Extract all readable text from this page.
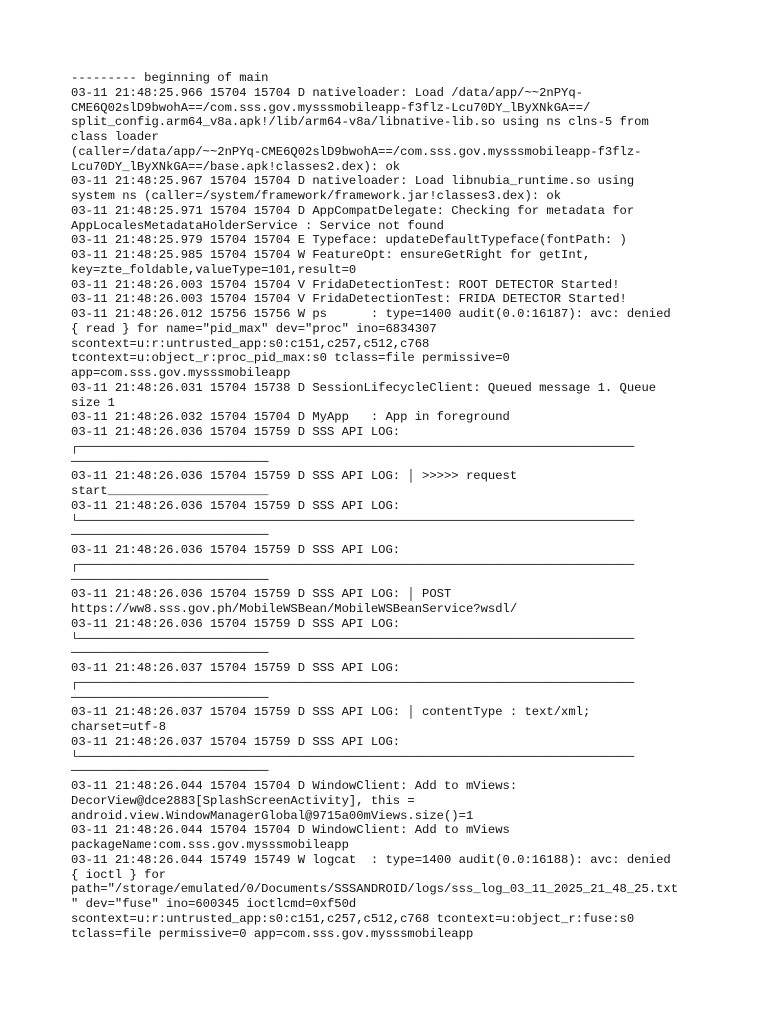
--------- beginning of main
03-11 21:48:25.966 15704 15704 D nativeloader: Load /data/app/~~2nPYq-
CME6Q02slD9bwohA==/com.sss.gov.mysssmobileapp-f3flz-Lcu70DY_lByXNkGA==/
split_config.arm64_v8a.apk!/lib/arm64-v8a/libnative-lib.so using ns clns-5 from
class loader
(caller=/data/app/~~2nPYq-CME6Q02slD9bwohA==/com.sss.gov.mysssmobileapp-f3flz-
Lcu70DY_lByXNkGA==/base.apk!classes2.dex): ok
03-11 21:48:25.967 15704 15704 D nativeloader: Load libnubia_runtime.so using
system ns (caller=/system/framework/framework.jar!classes3.dex): ok
03-11 21:48:25.971 15704 15704 D AppCompatDelegate: Checking for metadata for
AppLocalesMetadataHolderService : Service not found
03-11 21:48:25.979 15704 15704 E Typeface: updateDefaultTypeface(fontPath: )
03-11 21:48:25.985 15704 15704 W FeatureOpt: ensureGetRight for getInt,
key=zte_foldable,valueType=101,result=0
03-11 21:48:26.003 15704 15704 V FridaDetectionTest: ROOT DETECTOR Started!
03-11 21:48:26.003 15704 15704 V FridaDetectionTest: FRIDA DETECTOR Started!
03-11 21:48:26.012 15756 15756 W ps      : type=1400 audit(0.0:16187): avc: denied
{ read } for name="pid_max" dev="proc" ino=6834307
scontext=u:r:untrusted_app:s0:c151,c257,c512,c768
tcontext=u:object_r:proc_pid_max:s0 tclass=file permissive=0
app=com.sss.gov.mysssmobileapp
03-11 21:48:26.031 15704 15738 D SessionLifecycleClient: Queued message 1. Queue
size 1
03-11 21:48:26.032 15704 15704 D MyApp   : App in foreground
03-11 21:48:26.036 15704 15759 D SSS API LOG:
┌────────────────────────────────────────────────────────────────────────────
───────────────────────────
03-11 21:48:26.036 15704 15759 D SSS API LOG: │ >>>>> request
start______________________
03-11 21:48:26.036 15704 15759 D SSS API LOG:
└────────────────────────────────────────────────────────────────────────────
───────────────────────────
03-11 21:48:26.036 15704 15759 D SSS API LOG:
┌────────────────────────────────────────────────────────────────────────────
───────────────────────────
03-11 21:48:26.036 15704 15759 D SSS API LOG: │ POST
https://ww8.sss.gov.ph/MobileWSBean/MobileWSBeanService?wsdl/
03-11 21:48:26.036 15704 15759 D SSS API LOG:
└────────────────────────────────────────────────────────────────────────────
───────────────────────────
03-11 21:48:26.037 15704 15759 D SSS API LOG:
┌────────────────────────────────────────────────────────────────────────────
───────────────────────────
03-11 21:48:26.037 15704 15759 D SSS API LOG: │ contentType : text/xml;
charset=utf-8
03-11 21:48:26.037 15704 15759 D SSS API LOG:
└────────────────────────────────────────────────────────────────────────────
───────────────────────────
03-11 21:48:26.044 15704 15704 D WindowClient: Add to mViews:
DecorView@dce2883[SplashScreenActivity], this =
android.view.WindowManagerGlobal@9715a00mViews.size()=1
03-11 21:48:26.044 15704 15704 D WindowClient: Add to mViews
packageName:com.sss.gov.mysssmobileapp
03-11 21:48:26.044 15749 15749 W logcat  : type=1400 audit(0.0:16188): avc: denied
{ ioctl } for
path="/storage/emulated/0/Documents/SSSANDROID/logs/sss_log_03_11_2025_21_48_25.txt
" dev="fuse" ino=600345 ioctlcmd=0xf50d
scontext=u:r:untrusted_app:s0:c151,c257,c512,c768 tcontext=u:object_r:fuse:s0
tclass=file permissive=0 app=com.sss.gov.mysssmobileapp
